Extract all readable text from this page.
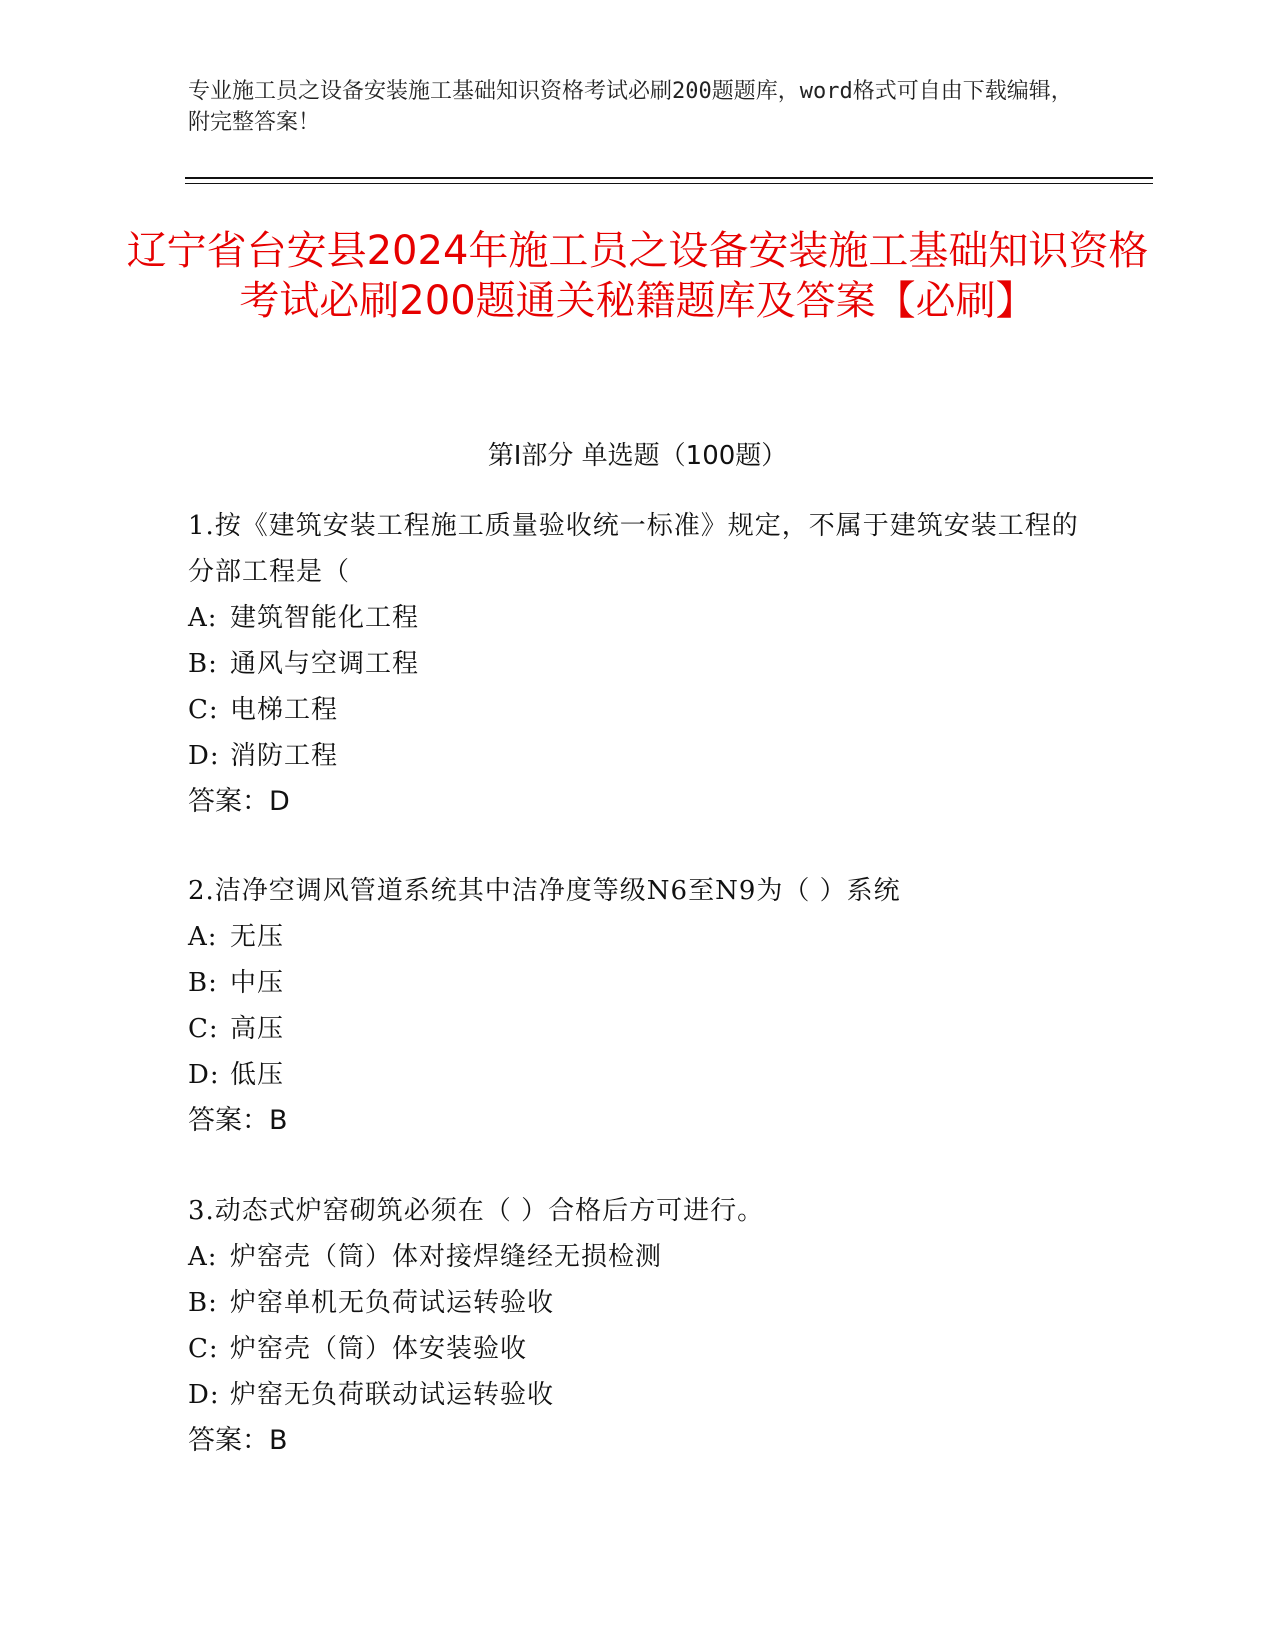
专业施工员之设备安装施工基础知识资格考试必刷200题题库，word格式可自由下载编辑，附完整答案！
辽宁省台安县2024年施工员之设备安装施工基础知识资格考试必刷200题通关秘籍题库及答案【必刷】
第Ⅰ部分 单选题（100题）

1.按《建筑安装工程施工质量验收统一标准》规定，不属于建筑安装工程的分部工程是（

A: 建筑智能化工程

B: 通风与空调工程

C: 电梯工程

D: 消防工程

答案：D

2.洁净空调风管道系统其中洁净度等级N6至N9为（ ）系统

A: 无压

B: 中压

C: 高压

D: 低压

答案：B

3.动态式炉窑砌筑必须在（ ）合格后方可进行。

A: 炉窑壳（筒）体对接焊缝经无损检测

B: 炉窑单机无负荷试运转验收

C: 炉窑壳（筒）体安装验收

D: 炉窑无负荷联动试运转验收

答案：B
